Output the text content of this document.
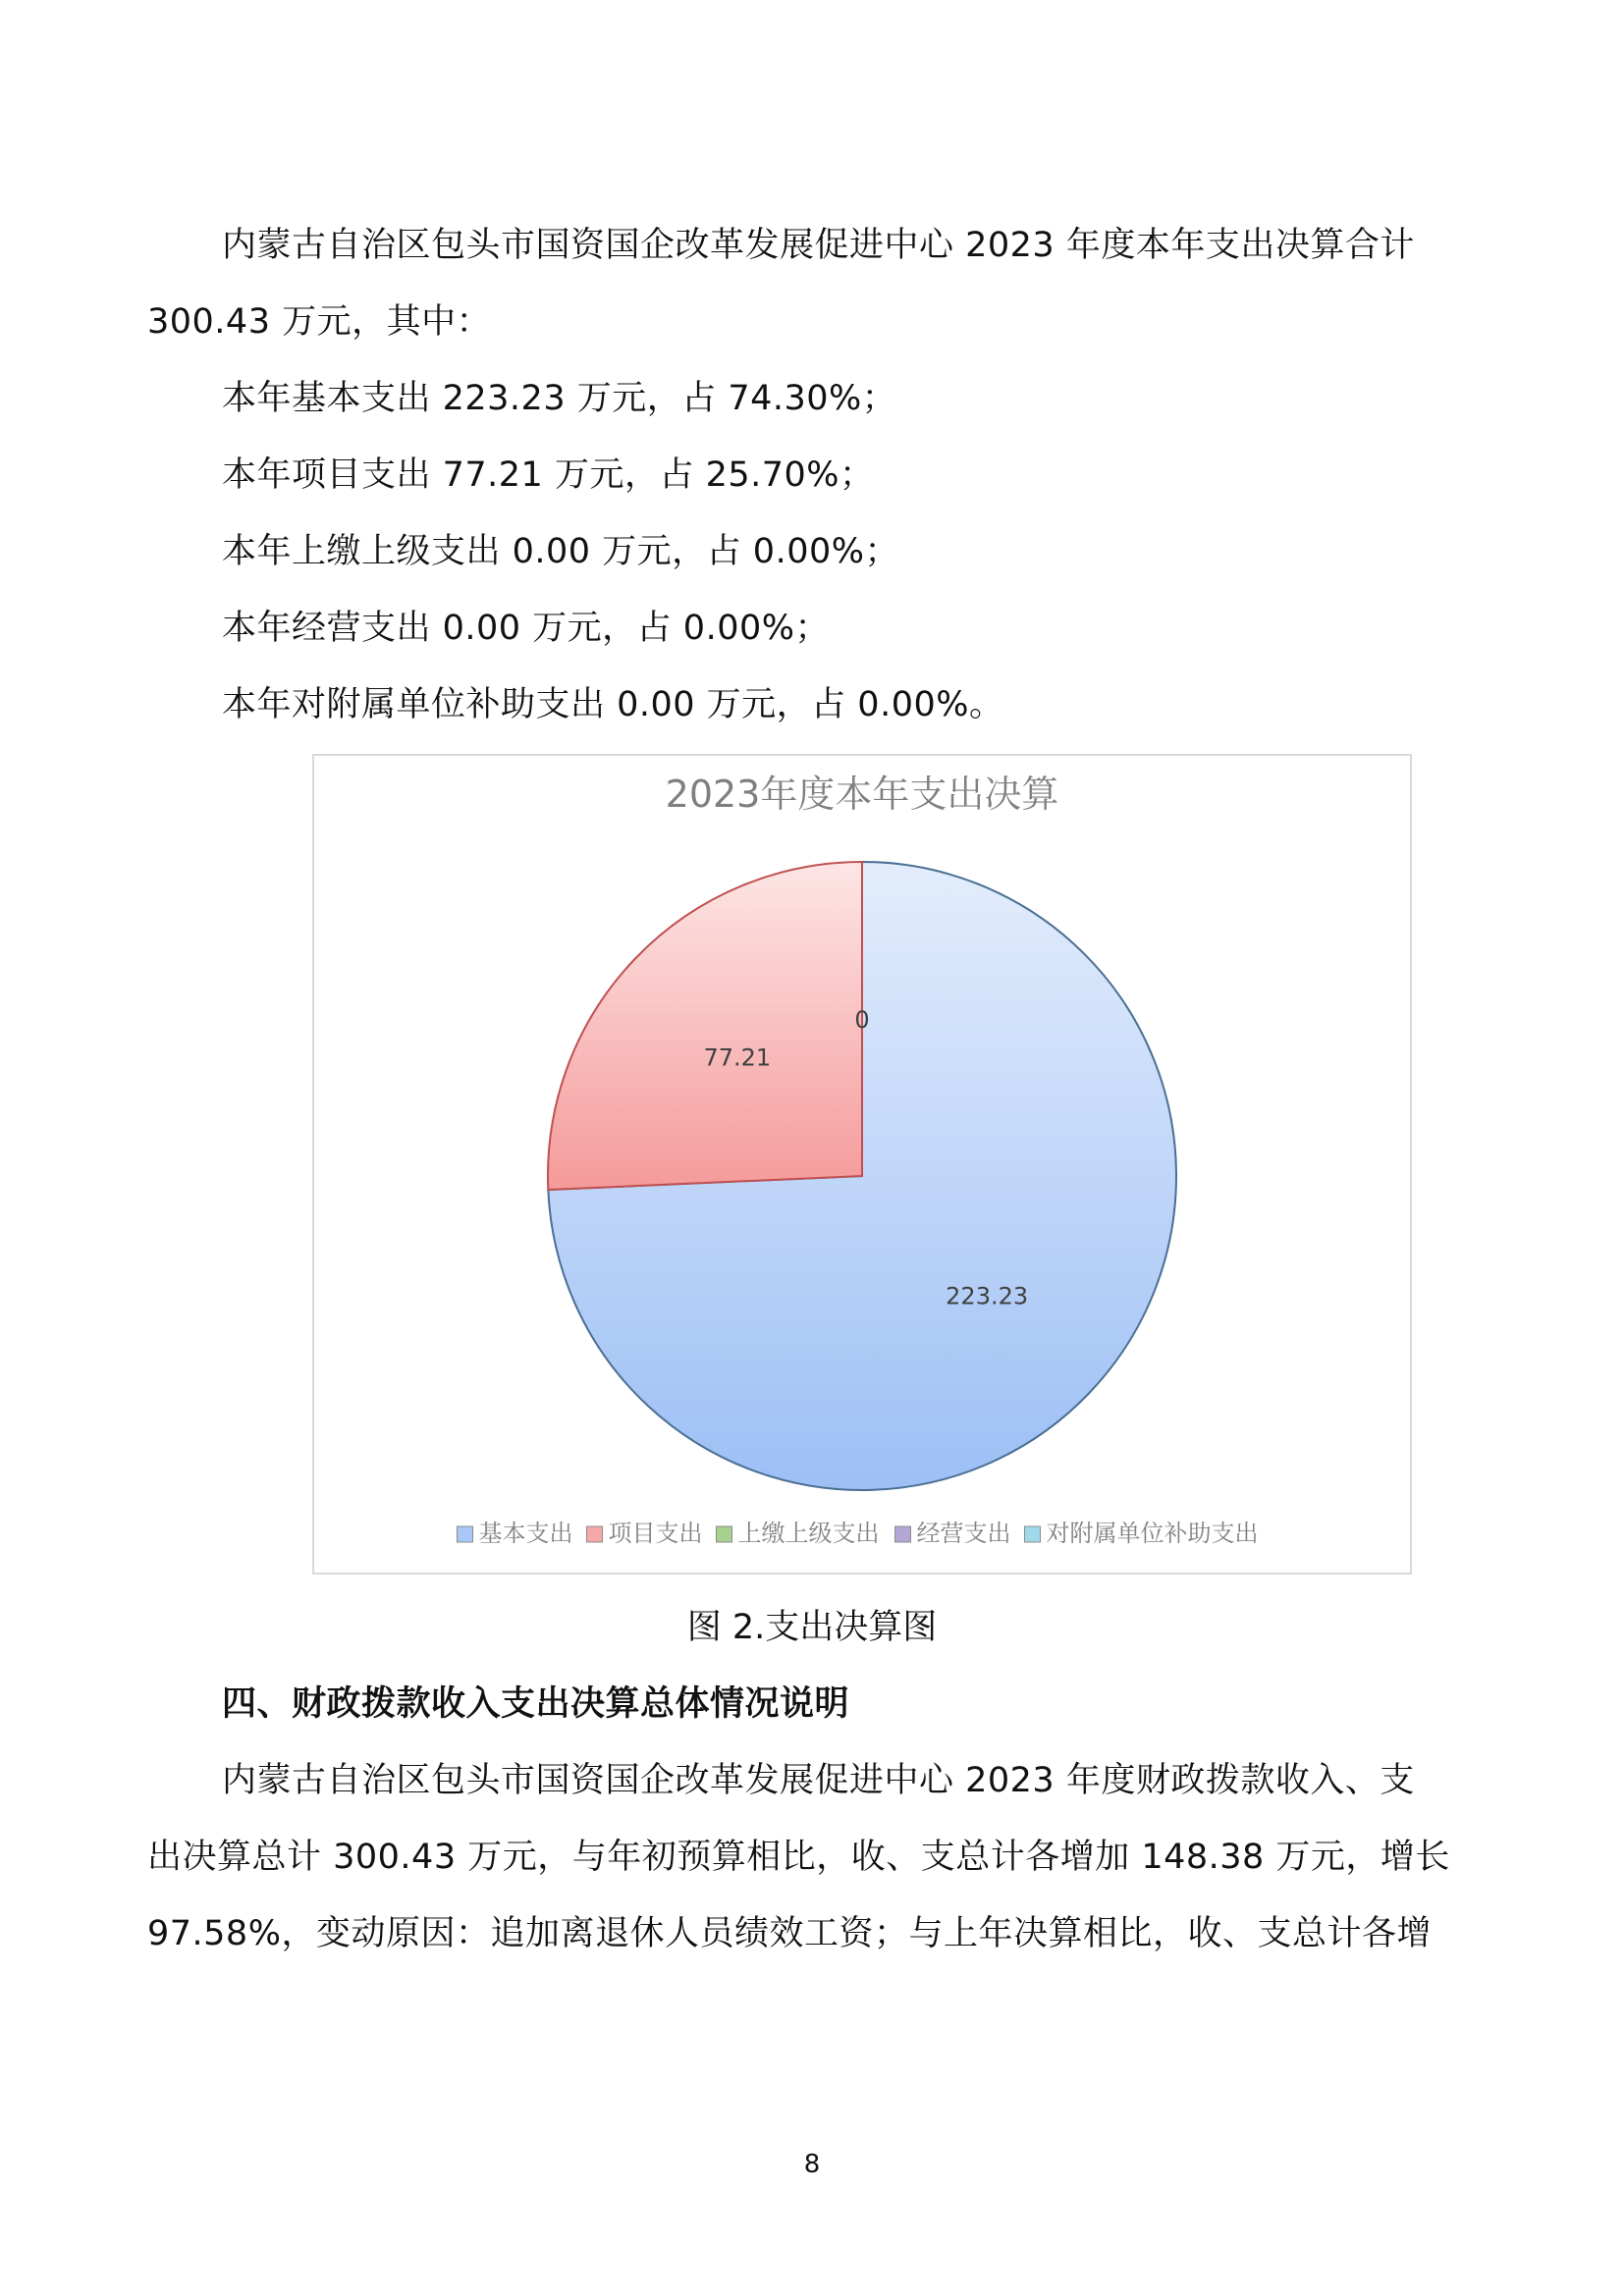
内蒙古自治区包头市国资国企改革发展促进中心 2023 年度本年支出决算合计
300.43 万元，其中：
本年基本支出 223.23 万元，占 74.30%；
本年项目支出 77.21 万元，占 25.70%；
本年上缴上级支出 0.00 万元，占 0.00%；
本年经营支出 0.00 万元，占 0.00%；
本年对附属单位补助支出 0.00 万元，占 0.00%。
2023年度本年支出决算
223.23
77.21
0
基本支出 项目支出 上缴上级支出 经营支出 对附属单位补助支出
图 2.支出决算图
四、财政拨款收入支出决算总体情况说明
内蒙古自治区包头市国资国企改革发展促进中心 2023 年度财政拨款收入、支
出决算总计 300.43 万元，与年初预算相比，收、支总计各增加 148.38 万元，增长
97.58%，变动原因：追加离退休人员绩效工资；与上年决算相比，收、支总计各增
8
